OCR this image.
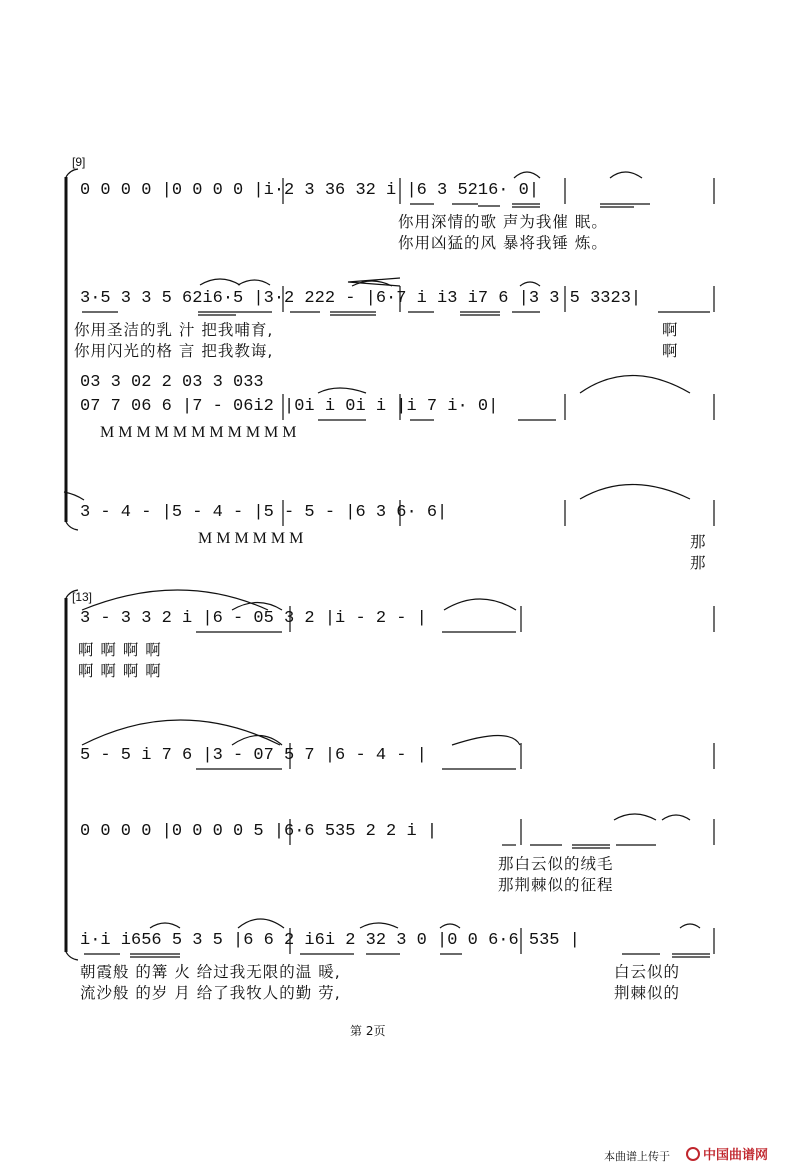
[9]
0 0 0 0 |0 0 0 0 |i·2 3 36 32 i |6 3 5216· 0|
你用深情的歌 声为我催 眠。
你用凶猛的风 暴将我锤 炼。
3·5 3 3 5 62i6·5 |3·2 222 - |6·7 i i3 i7 6 |3 3 5 3323|
你用圣洁的乳 汁 把我哺育,
你用闪光的格 言 把我教诲,
啊
啊
03 3 02 2 03 3 033
07 7 06 6 |7 - 06i2 |0i i 0i i |i 7 i· 0|
M M M M M M M M M M M
3 - 4 - |5 - 4 - |5 - 5 - |6 3 6· 6|
M M M M M M	那
那
[13]
3 - 3 3 2 i |6 - 05 3 2 |i - 2 - |
啊 啊 啊 啊
啊 啊 啊 啊
5 - 5 i 7 6 |3 - 07 5 7 |6 - 4 - |
0 0 0 0 |0 0 0 0 5 |6·6 535 2 2 i |
那白云似的绒毛
那荆棘似的征程
i·i i656 5 3 5 |6 6 2 i6i 2 32 3 0 |0 0 6·6 535 |
朝霞般 的篝 火 给过我无限的温 暖,
流沙般 的岁 月 给了我牧人的勤 劳,
白云似的
荆棘似的
第 2页
本曲谱上传于	中国曲谱网
